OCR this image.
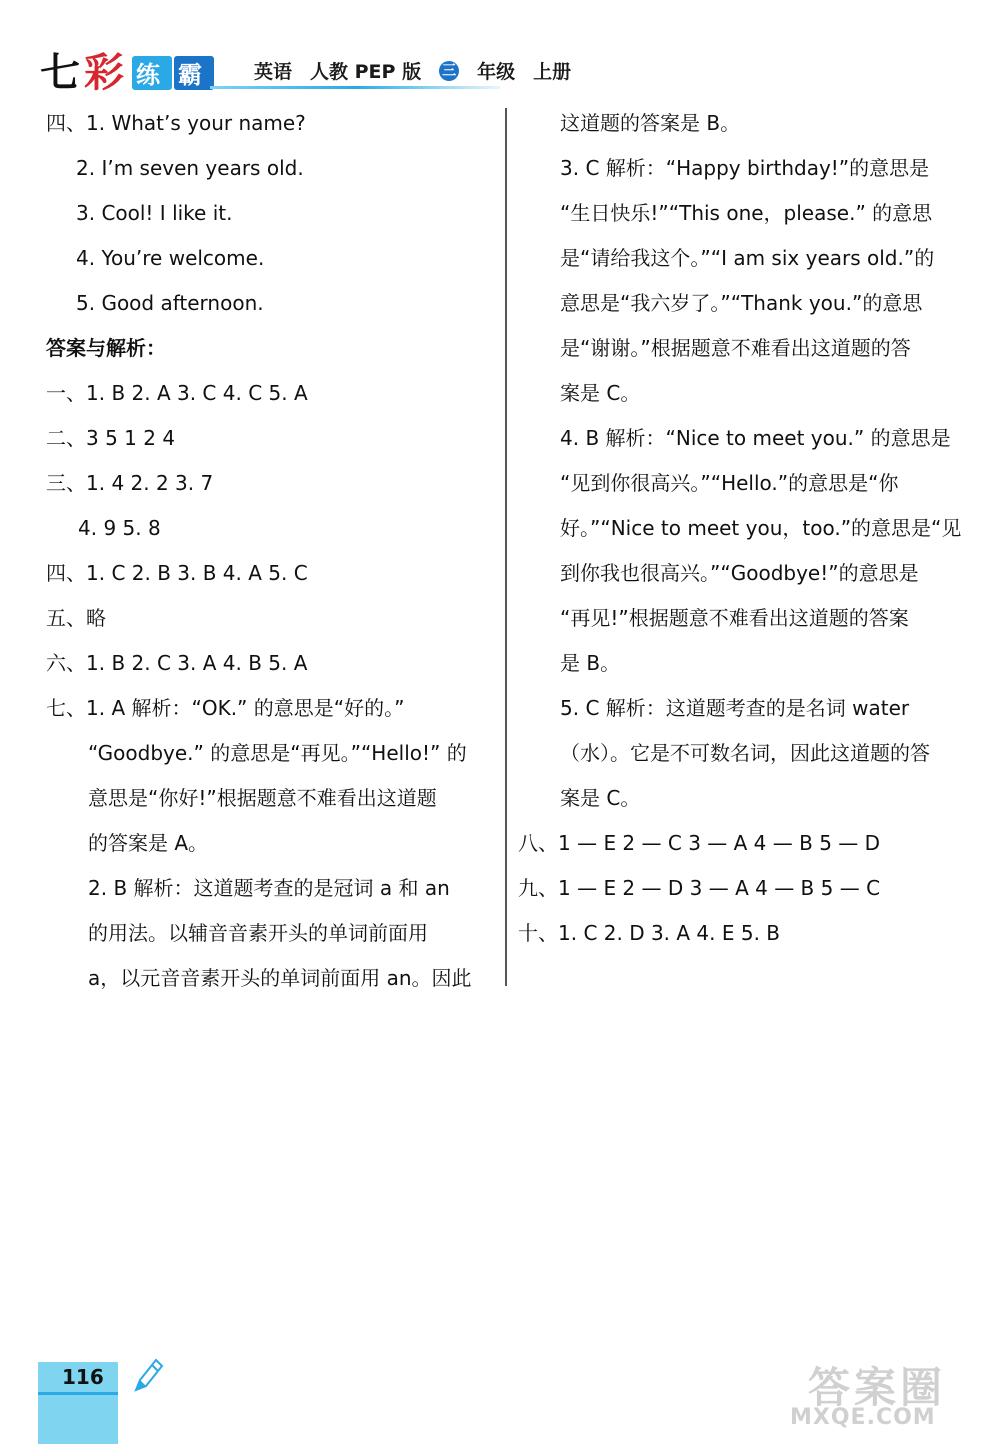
七 彩 练 霸	英语 人教 PEP 版 三 年级 上册
四、1. What’s your name?
2. I’m seven years old.
3. Cool! I like it.
4. You’re welcome.
5. Good afternoon.
答案与解析：
一、1. B 2. A 3. C 4. C 5. A
二、3 5 1 2 4
三、1. 4 2. 2 3. 7
4. 9 5. 8
四、1. C 2. B 3. B 4. A 5. C
五、略
六、1. B 2. C 3. A 4. B 5. A
七、1. A 解析：“OK.” 的意思是“好的。”
“Goodbye.” 的意思是“再见。”“Hello!” 的
意思是“你好!”根据题意不难看出这道题
的答案是 A。
2. B 解析：这道题考查的是冠词 a 和 an
的用法。以辅音音素开头的单词前面用
a，以元音音素开头的单词前面用 an。因此
这道题的答案是 B。
3. C 解析：“Happy birthday!”的意思是
“生日快乐!”“This one，please.” 的意思
是“请给我这个。”“I am six years old.”的
意思是“我六岁了。”“Thank you.”的意思
是“谢谢。”根据题意不难看出这道题的答
案是 C。
4. B 解析：“Nice to meet you.” 的意思是
“见到你很高兴。”“Hello.”的意思是“你
好。”“Nice to meet you，too.”的意思是“见
到你我也很高兴。”“Goodbye!”的意思是
“再见!”根据题意不难看出这道题的答案
是 B。
5. C 解析：这道题考查的是名词 water
（水）。它是不可数名词，因此这道题的答
案是 C。
八、1 — E 2 — C 3 — A 4 — B 5 — D
九、1 — E 2 — D 3 — A 4 — B 5 — C
十、1. C 2. D 3. A 4. E 5. B
116	答案圈
MXQE.COM
